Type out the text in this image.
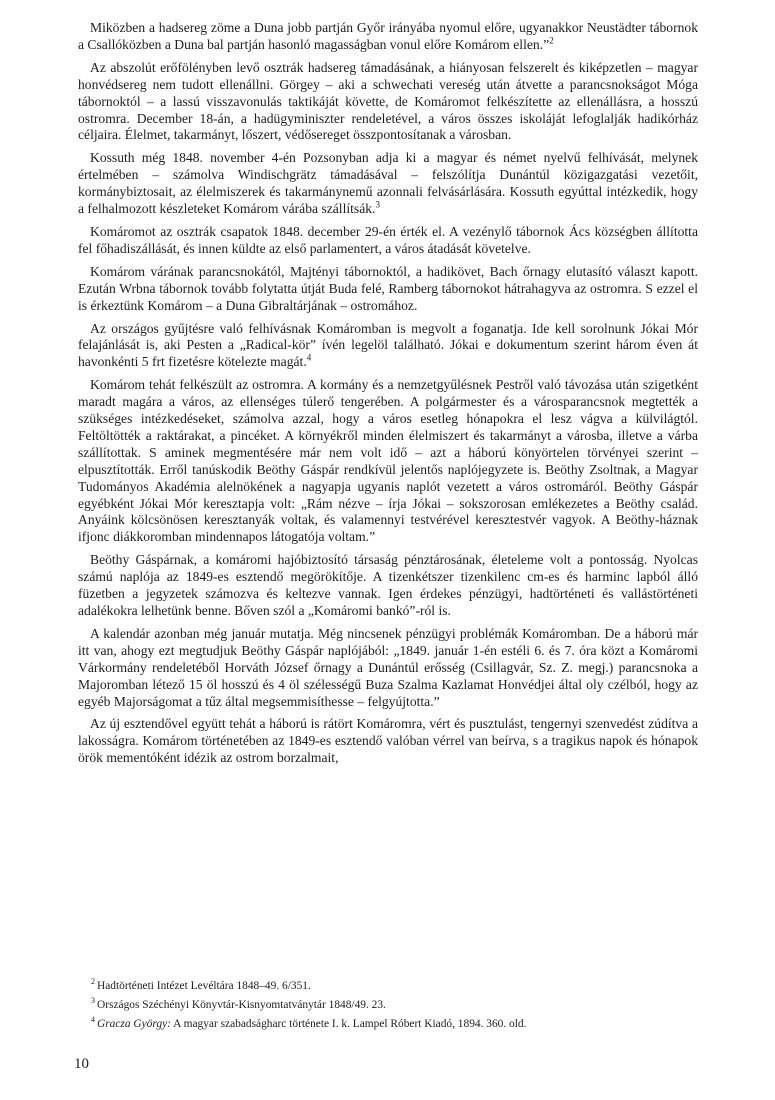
Miközben a hadsereg zöme a Duna jobb partján Győr irányába nyomul előre, ugyanakkor Neustädter tábornok a Csallóközben a Duna bal partján hasonló magasságban vonul előre Komárom ellen.”$^2$

Az abszolút erőfölényben levő osztrák hadsereg támadásának, a hiányosan felszerelt és kiképzetlen – magyar honvédsereg nem tudott ellenállni. Görgey – aki a schwechati vereség után átvette a parancsnokságot Móga tábornoktól – a lassú visszavonulás taktikáját követte, de Komáromot felkészítette az ellenállásra, a hosszú ostromra. December 18-án, a hadügyminiszter rendeletével, a város összes iskoláját lefoglalják hadikórház céljaira. Élelmet, takarmányt, lőszert, védősereget összpontosítanak a városban.

Kossuth még 1848. november 4-én Pozsonyban adja ki a magyar és német nyelvű felhívását, melynek értelmében – számolva Windischgrätz támadásával – felszólítja Dunántúl közigazgatási vezetőit, kormánybiztosait, az élelmiszerek és takarmánynemű azonnali felvásárlására. Kossuth egyúttal intézkedik, hogy a felhalmozott készleteket Komárom várába szállítsák.$^3$

Komáromot az osztrák csapatok 1848. december 29-én érték el. A vezénylő tábornok Ács községben állította fel főhadiszállását, és innen küldte az első parlamentert, a város átadását követelve.

Komárom várának parancsnokától, Majtényi tábornoktól, a hadikövet, Bach őrnagy elutasító választ kapott. Ezután Wrbna tábornok tovább folytatta útját Buda felé, Ramberg tábornokot hátrahagyva az ostromra. S ezzel el is érkeztünk Komárom – a Duna Gibraltárjának – ostromához.

Az országos gyűjtésre való felhívásnak Komáromban is megvolt a foganatja. Ide kell sorolnunk Jókai Mór felajánlását is, aki Pesten a „Radical-kör” ívén legelöl található. Jókai e dokumentum szerint három éven át havonkénti 5 frt fizetésre kötelezte magát.$^4$

Komárom tehát felkészült az ostromra. A kormány és a nemzetgyűlésnek Pestről való távozása után szigetként maradt magára a város, az ellenséges túlerő tengerében. A polgármester és a városparancsnok megtették a szükséges intézkedéseket, számolva azzal, hogy a város esetleg hónapokra el lesz vágva a külvilágtól. Feltöltötték a raktárakat, a pincéket. A környékről minden élelmiszert és takarmányt a városba, illetve a várba szállítottak. S aminek megmentésére már nem volt idő – azt a háború könyörtelen törvényei szerint – elpusztították. Erről tanúskodik Beöthy Gáspár rendkívül jelentős naplójegyzete is. Beöthy Zsoltnak, a Magyar Tudományos Akadémia alelnökének a nagyapja ugyanis naplót vezetett a város ostromáról. Beöthy Gáspár egyébként Jókai Mór keresztapja volt: „Rám nézve – írja Jókai – sokszorosan emlékezetes a Beöthy család. Anyáink kölcsönösen keresztanyák voltak, és valamennyi testvérével keresztestvér vagyok. A Beöthy-háznak ifjonc diákkoromban mindennapos látogatója voltam.”

Beöthy Gáspárnak, a komáromi hajóbiztosító társaság pénztárosának, életeleme volt a pontosság. Nyolcas számú naplója az 1849-es esztendő megörökítője. A tizenkétszer tizenkilenc cm-es és harminc lapból álló füzetben a jegyzetek számozva és keltezve vannak. Igen érdekes pénzügyi, hadtörténeti és vallástörténeti adalékokra lelhetünk benne. Bőven szól a „Komáromi bankó”-ról is.

A kalendár azonban még január mutatja. Még nincsenek pénzügyi problémák Komáromban. De a háború már itt van, ahogy ezt megtudjuk Beöthy Gáspár naplójából: „1849. január 1-én estéli 6. és 7. óra közt a Komáromi Várkormány rendeletéből Horváth József őrnagy a Dunántúl erősség (Csillagvár, Sz. Z. megj.) parancsnoka a Majoromban létező 15 öl hosszú és 4 öl szélességű Buza Szalma Kazlamat Honvédjei által oly czélból, hogy az egyéb Majorságomat a tűz által megsemmisíthesse – felgyújtotta.”

Az új esztendővel együtt tehát a háború is rátört Komáromra, vért és pusztulást, tengernyi szenvedést zúdítva a lakosságra. Komárom történetében az 1849-es esztendő valóban vérrel van beírva, s a tragikus napok és hónapok örök mementóként idézik az ostrom borzalmait,

$^2$ Hadtörténeti Intézet Levéltára 1848–49. 6/351.

$^3$ Országos Széchényi Könyvtár-Kisnyomtatványtár 1848/49. 23.

$^4$ Gracza György: A magyar szabadságharc története I. k. Lampel Róbert Kiadó, 1894. 360. old.

10
